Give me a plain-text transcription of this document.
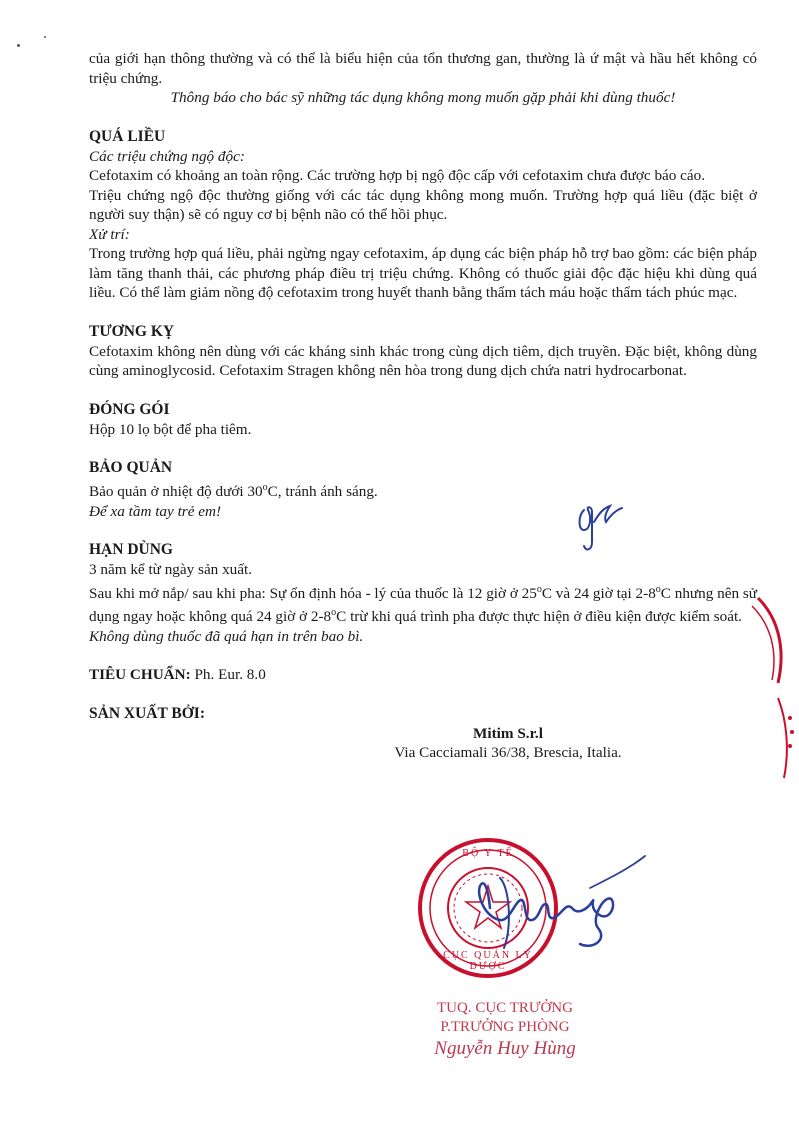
của giới hạn thông thường và có thể là biểu hiện của tổn thương gan, thường là ứ mật và hầu hết không có triệu chứng.

Thông báo cho bác sỹ những tác dụng không mong muốn gặp phải khi dùng thuốc!

QUÁ LIỀU

Các triệu chứng ngộ độc:

Cefotaxim có khoảng an toàn rộng. Các trường hợp bị ngộ độc cấp với cefotaxim chưa được báo cáo.

Triệu chứng ngộ độc thường giống với các tác dụng không mong muốn. Trường hợp quá liều (đặc biệt ở người suy thận) sẽ có nguy cơ bị bệnh não có thể hồi phục.

Xử trí:

Trong trường hợp quá liều, phải ngừng ngay cefotaxim, áp dụng các biện pháp hỗ trợ bao gồm: các biện pháp làm tăng thanh thải, các phương pháp điều trị triệu chứng. Không có thuốc giải độc đặc hiệu khi dùng quá liều. Có thể làm giảm nồng độ cefotaxim trong huyết thanh bằng thẩm tách máu hoặc thẩm tách phúc mạc.

TƯƠNG KỴ

Cefotaxim không nên dùng với các kháng sinh khác trong cùng dịch tiêm, dịch truyền. Đặc biệt, không dùng cùng aminoglycosid. Cefotaxim Stragen không nên hòa trong dung dịch chứa natri hydrocarbonat.

ĐÓNG GÓI

Hộp 10 lọ bột để pha tiêm.

BẢO QUẢN

Bảo quản ở nhiệt độ dưới 30$^o$C, tránh ánh sáng.

Để xa tầm tay trẻ em!

HẠN DÙNG

3 năm kể từ ngày sản xuất.

Sau khi mở nắp/ sau khi pha: Sự ổn định hóa - lý của thuốc là 12 giờ ở 25$^o$C và 24 giờ tại 2-8$^o$C nhưng nên sử dụng ngay hoặc không quá 24 giờ ở 2-8$^o$C trừ khi quá trình pha được thực hiện ở điều kiện được kiểm soát.

Không dùng thuốc đã quá hạn in trên bao bì.

TIÊU CHUẨN: Ph. Eur. 8.0

SẢN XUẤT BỞI:
Mitim S.r.l
Via Cacciamali 36/38, Brescia, Italia.
BỘ Y TẾ
CỤC QUẢN LÝ DƯỢC
TUQ. CỤC TRƯỞNG
P.TRƯỞNG PHÒNG
Nguyễn Huy Hùng
